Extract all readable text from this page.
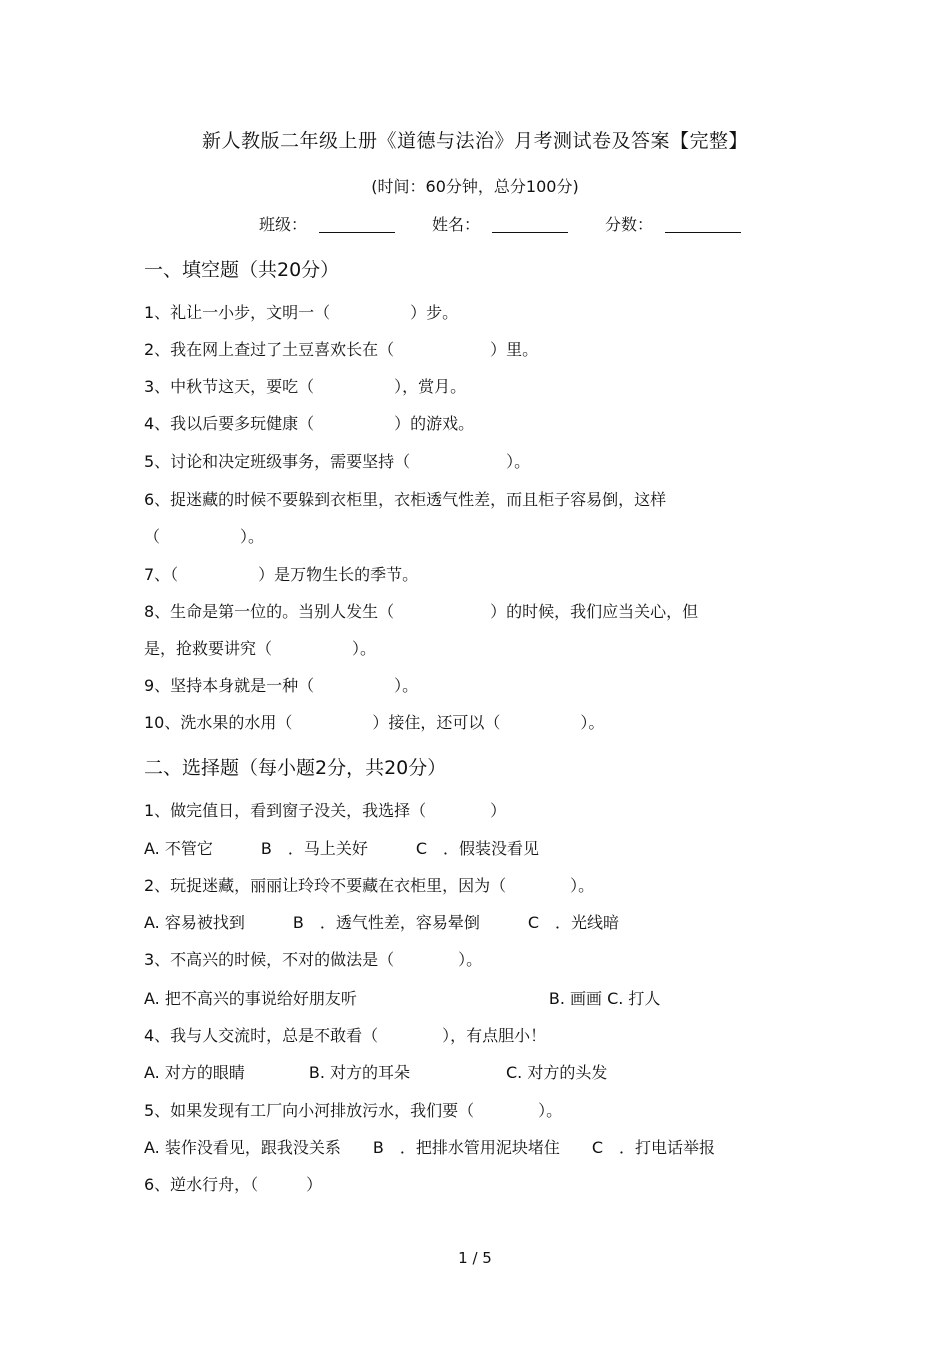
新人教版二年级上册《道德与法治》月考测试卷及答案【完整】
(时间：60分钟，总分100分)
班级：	姓名：	分数：
一、填空题（共20分）
1、礼让一小步，文明一（　　　　　）步。
2、我在网上查过了土豆喜欢长在（　　　　　　）里。
3、中秋节这天，要吃（　　　　　），赏月。
4、我以后要多玩健康（　　　　　）的游戏。
5、讨论和决定班级事务，需要坚持（　　　　　　）。
6、捉迷藏的时候不要躲到衣柜里，衣柜透气性差，而且柜子容易倒，这样
（　　　　　）。
7、（　　　　　）是万物生长的季节。
8、生命是第一位的。当别人发生（　　　　　　）的时候，我们应当关心，但
是，抢救要讲究（　　　　　）。
9、坚持本身就是一种（　　　　　）。
10、洗水果的水用（　　　　　）接住，还可以（　　　　　）。
二、选择题（每小题2分，共20分）
1、做完值日，看到窗子没关，我选择（　　　　）
A. 不管它　　　B　．马上关好　　　C　．假装没看见
2、玩捉迷藏，丽丽让玲玲不要藏在衣柜里，因为（　　　　）。
A. 容易被找到　　　B　．透气性差，容易晕倒　　　C　．光线暗
3、不高兴的时候，不对的做法是（　　　　）。
A. 把不高兴的事说给好朋友听　　　　　　　　　　　　B. 画画 C. 打人
4、我与人交流时，总是不敢看（　　　　），有点胆小！
A. 对方的眼睛　　　　B. 对方的耳朵　　　　　　C. 对方的头发
5、如果发现有工厂向小河排放污水，我们要（　　　　）。
A. 装作没看见，跟我没关系　　B　．把排水管用泥块堵住　　C　．打电话举报
6、逆水行舟，（　　　）
1 / 5
